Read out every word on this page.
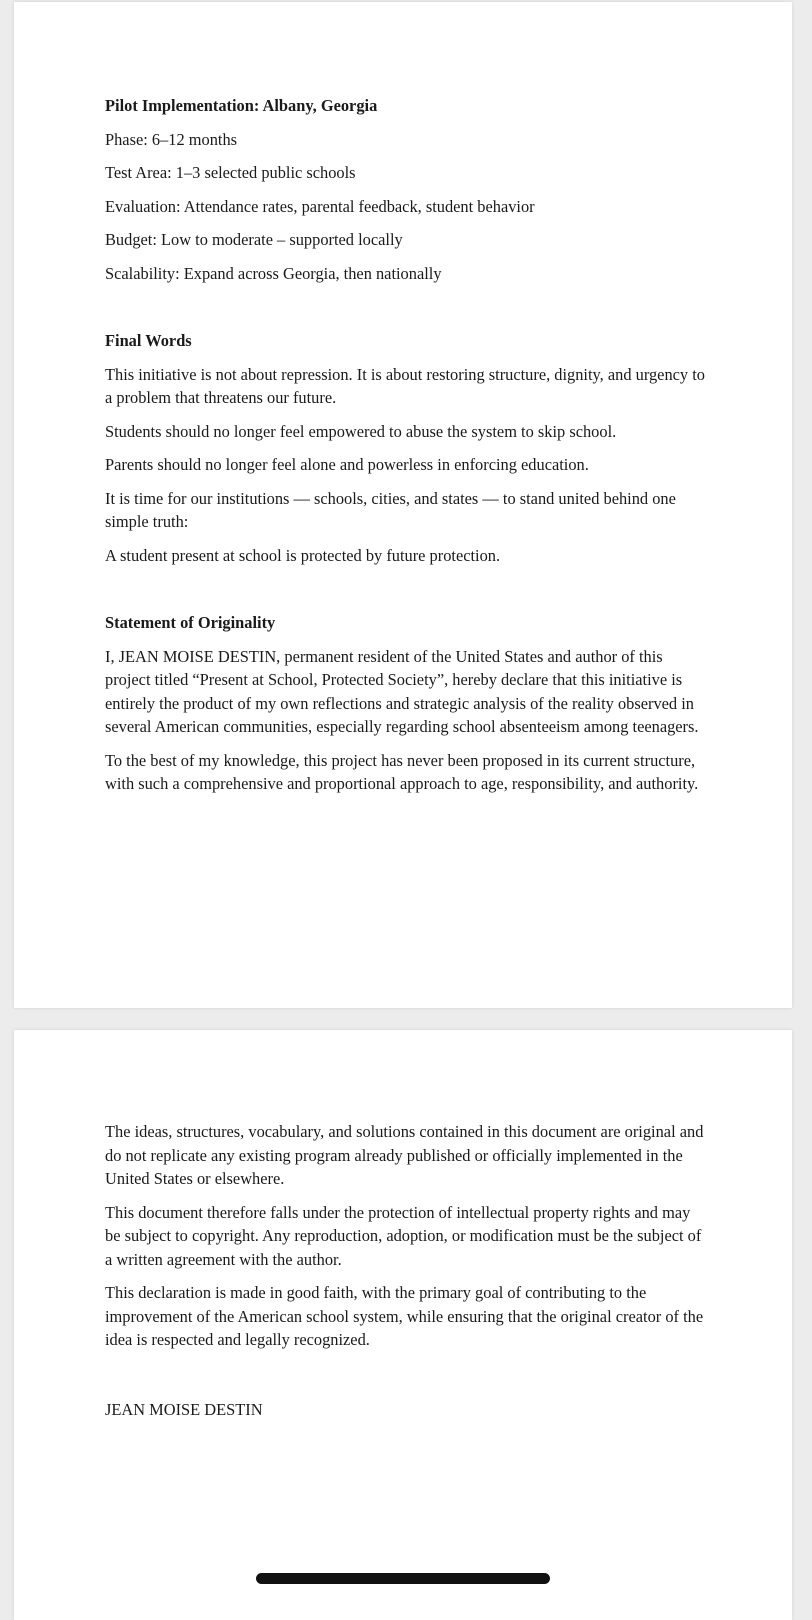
Pilot Implementation: Albany, Georgia

Phase: 6–12 months

Test Area: 1–3 selected public schools

Evaluation: Attendance rates, parental feedback, student behavior

Budget: Low to moderate – supported locally

Scalability: Expand across Georgia, then nationally

Final Words

This initiative is not about repression. It is about restoring structure, dignity, and urgency to a problem that threatens our future.

Students should no longer feel empowered to abuse the system to skip school.

Parents should no longer feel alone and powerless in enforcing education.

It is time for our institutions — schools, cities, and states — to stand united behind one simple truth:

A student present at school is protected by future protection.

Statement of Originality

I, JEAN MOISE DESTIN, permanent resident of the United States and author of this project titled “Present at School, Protected Society”, hereby declare that this initiative is entirely the product of my own reflections and strategic analysis of the reality observed in several American communities, especially regarding school absenteeism among teenagers.

To the best of my knowledge, this project has never been proposed in its current structure, with such a comprehensive and proportional approach to age, responsibility, and authority.

The ideas, structures, vocabulary, and solutions contained in this document are original and do not replicate any existing program already published or officially implemented in the United States or elsewhere.

This document therefore falls under the protection of intellectual property rights and may be subject to copyright. Any reproduction, adoption, or modification must be the subject of a written agreement with the author.

This declaration is made in good faith, with the primary goal of contributing to the improvement of the American school system, while ensuring that the original creator of the idea is respected and legally recognized.

JEAN MOISE DESTIN
